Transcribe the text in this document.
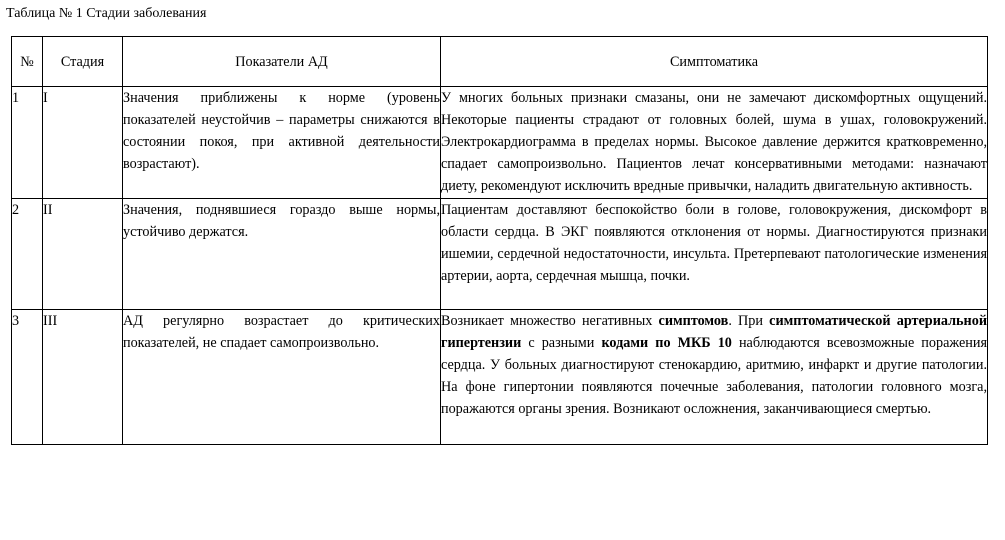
Таблица № 1 Стадии заболевания
№	Стадия	Показатели АД	Симптоматика
1	I	Значения приближены к норме (уровень показателей неустойчив – параметры снижаются в состоянии покоя, при активной деятельности возрастают).	У многих больных признаки смазаны, они не замечают дискомфортных ощущений. Некоторые пациенты страдают от головных болей, шума в ушах, головокружений. Электрокардиограмма в пределах нормы. Высокое давление держится кратковременно, спадает самопроизвольно. Пациентов лечат консервативными методами: назначают диету, рекомендуют исключить вредные привычки, наладить двигательную активность.
2	II	Значения, поднявшиеся гораздо выше нормы, устойчиво держатся.	Пациентам доставляют беспокойство боли в голове, головокружения, дискомфорт в области сердца. В ЭКГ появляются отклонения от нормы. Диагностируются признаки ишемии, сердечной недостаточности, инсульта. Претерпевают патологические изменения артерии, аорта, сердечная мышца, почки.
3	III	АД регулярно возрастает до критических показателей, не спадает самопроизвольно.	Возникает множество негативных симптомов. При симптоматической артериальной гипертензии с разными кодами по МКБ 10 наблюдаются всевозможные поражения сердца. У больных диагностируют стенокардию, аритмию, инфаркт и другие патологии. На фоне гипертонии появляются почечные заболевания, патологии головного мозга, поражаются органы зрения. Возникают осложнения, заканчивающиеся смертью.
